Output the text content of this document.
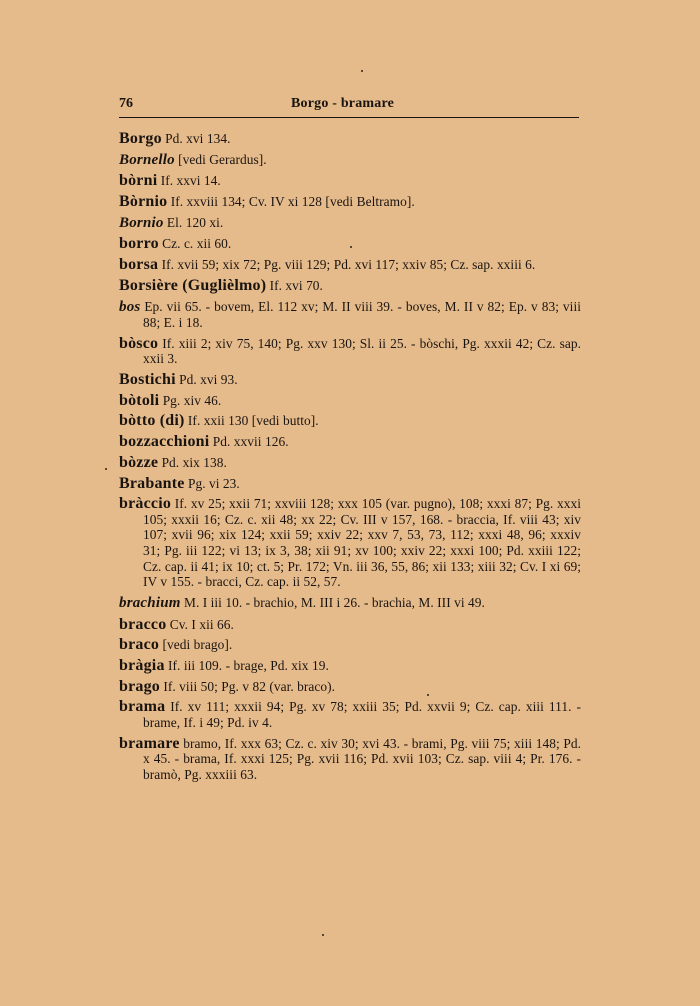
76	Borgo - bramare
Borgo Pd. xvi 134.
Bornello [vedi Gerardus].
bòrni If. xxvi 14.
Bòrnio If. xxviii 134; Cv. IV xi 128 [vedi Beltramo].
Bornio El. 120 xi.
borro Cz. c. xii 60.
borsa If. xvii 59; xix 72; Pg. viii 129; Pd. xvi 117; xxiv 85; Cz. sap. xxiii 6.
Borsière (Guglièlmo) If. xvi 70.
bos Ep. vii 65. - bovem, El. 112 xv; M. II viii 39. - boves, M. II v 82; Ep. v 83; viii 88; E. i 18.
bòsco If. xiii 2; xiv 75, 140; Pg. xxv 130; Sl. ii 25. - bòschi, Pg. xxxii 42; Cz. sap. xxii 3.
Bostichi Pd. xvi 93.
bòtoli Pg. xiv 46.
bòtto (di) If. xxii 130 [vedi butto].
bozzacchioni Pd. xxvii 126.
bòzze Pd. xix 138.
Brabante Pg. vi 23.
bràccio If. xv 25; xxii 71; xxviii 128; xxx 105 (var. pugno), 108; xxxi 87; Pg. xxxi 105; xxxii 16; Cz. c. xii 48; xx 22; Cv. III v 157, 168. - braccia, If. viii 43; xiv 107; xvii 96; xix 124; xxii 59; xxiv 22; xxv 7, 53, 73, 112; xxxi 48, 96; xxxiv 31; Pg. iii 122; vi 13; ix 3, 38; xii 91; xv 100; xxiv 22; xxxi 100; Pd. xxiii 122; Cz. cap. ii 41; ix 10; ct. 5; Pr. 172; Vn. iii 36, 55, 86; xii 133; xiii 32; Cv. I xi 69; IV v 155. - bracci, Cz. cap. ii 52, 57.
brachium M. I iii 10. - brachio, M. III i 26. - brachia, M. III vi 49.
bracco Cv. I xii 66.
braco [vedi brago].
bràgia If. iii 109. - brage, Pd. xix 19.
brago If. viii 50; Pg. v 82 (var. braco).
brama If. xv 111; xxxii 94; Pg. xv 78; xxiii 35; Pd. xxvii 9; Cz. cap. xiii 111. - brame, If. i 49; Pd. iv 4.
bramare bramo, If. xxx 63; Cz. c. xiv 30; xvi 43. - brami, Pg. viii 75; xiii 148; Pd. x 45. - brama, If. xxxi 125; Pg. xvii 116; Pd. xvii 103; Cz. sap. viii 4; Pr. 176. - bramò, Pg. xxxiii 63.
